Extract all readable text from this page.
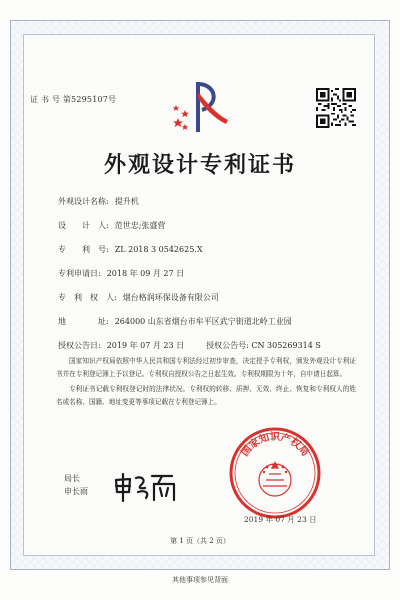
证 书 号 第5295107号
外观设计专利证书
外观设计名称: 提升机
设　　计　人: 范世忠;张盛营
专　　利　号: ZL 2018 3 0542625.X
专利申请日: 2018 年 09 月 27 日
专　利　权　人: 烟台格润环保设备有限公司
地　　　　址: 264000 山东省烟台市牟平区武宁街道北岭工业园
授权公告日: 2019 年 07 月 23 日	授权公告号: CN 305269314 S

国家知识产权局依照中华人民共和国专利法经过初步审查，决定授予专利权，颁发外观设计专利证书并在专利登记簿上予以登记。专利权自授权公告之日起生效。专利权期限为十年，自申请日起算。

专利证书记载专利权登记时的法律状况。专利权的转移、质押、无效、终止、恢复和专利权人的姓名或名称、国籍、地址变更等事项记载在专利登记簿上。

局长
申长雨
国家知识产权局
2019 年 07 月 23 日
第 1 页（共 2 页）
其他事项参见背面
